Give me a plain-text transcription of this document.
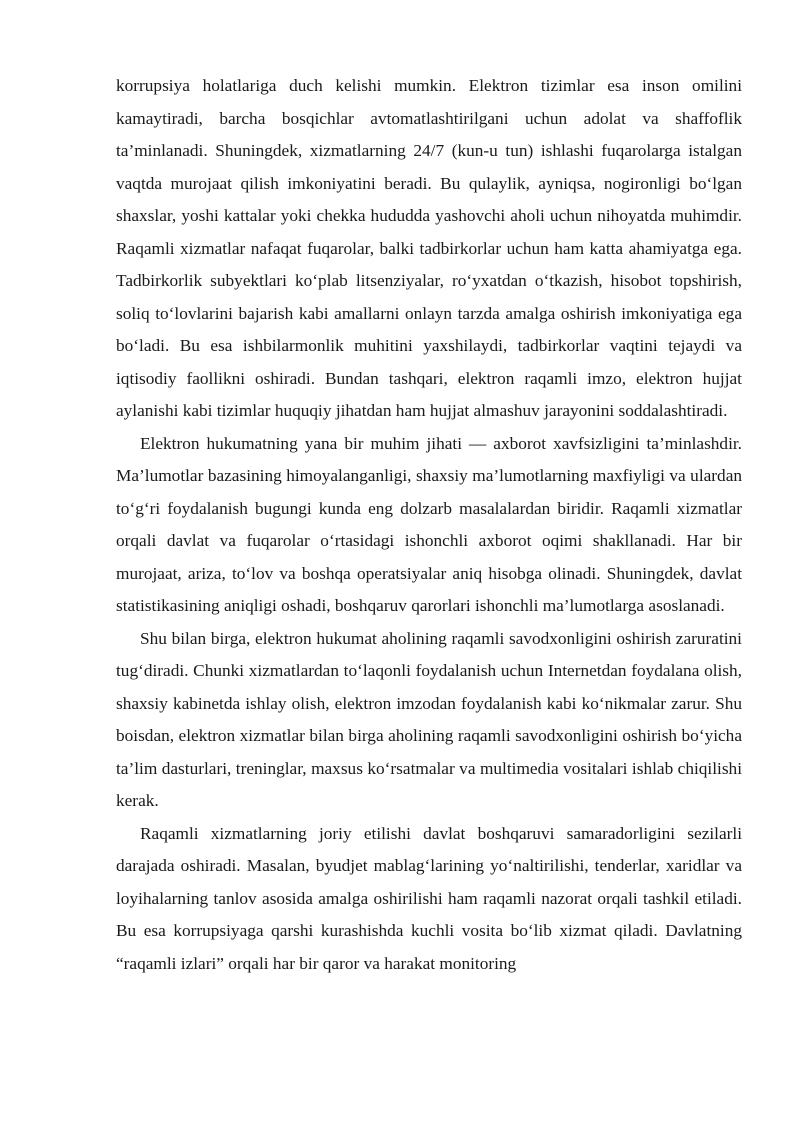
korrupsiya holatlariga duch kelishi mumkin. Elektron tizimlar esa inson omilini kamaytiradi, barcha bosqichlar avtomatlashtirilgani uchun adolat va shaffoflik ta’minlanadi. Shuningdek, xizmatlarning 24/7 (kun-u tun) ishlashi fuqarolarga istalgan vaqtda murojaat qilish imkoniyatini beradi. Bu qulaylik, ayniqsa, nogironligi bo‘lgan shaxslar, yoshi kattalar yoki chekka hududda yashovchi aholi uchun nihoyatda muhimdir. Raqamli xizmatlar nafaqat fuqarolar, balki tadbirkorlar uchun ham katta ahamiyatga ega. Tadbirkorlik subyektlari ko‘plab litsenziyalar, ro‘yxatdan o‘tkazish, hisobot topshirish, soliq to‘lovlarini bajarish kabi amallarni onlayn tarzda amalga oshirish imkoniyatiga ega bo‘ladi. Bu esa ishbilarmonlik muhitini yaxshilaydi, tadbirkorlar vaqtini tejaydi va iqtisodiy faollikni oshiradi. Bundan tashqari, elektron raqamli imzo, elektron hujjat aylanishi kabi tizimlar huquqiy jihatdan ham hujjat almashuv jarayonini soddalashtiradi.

Elektron hukumatning yana bir muhim jihati — axborot xavfsizligini ta’minlashdir. Ma’lumotlar bazasining himoyalanganligi, shaxsiy ma’lumotlarning maxfiyligi va ulardan to‘g‘ri foydalanish bugungi kunda eng dolzarb masalalardan biridir. Raqamli xizmatlar orqali davlat va fuqarolar o‘rtasidagi ishonchli axborot oqimi shakllanadi. Har bir murojaat, ariza, to‘lov va boshqa operatsiyalar aniq hisobga olinadi. Shuningdek, davlat statistikasining aniqligi oshadi, boshqaruv qarorlari ishonchli ma’lumotlarga asoslanadi.

Shu bilan birga, elektron hukumat aholining raqamli savodxonligini oshirish zaruratini tug‘diradi. Chunki xizmatlardan to‘laqonli foydalanish uchun Internetdan foydalana olish, shaxsiy kabinetda ishlay olish, elektron imzodan foydalanish kabi ko‘nikmalar zarur. Shu boisdan, elektron xizmatlar bilan birga aholining raqamli savodxonligini oshirish bo‘yicha ta’lim dasturlari, treninglar, maxsus ko‘rsatmalar va multimedia vositalari ishlab chiqilishi kerak.

Raqamli xizmatlarning joriy etilishi davlat boshqaruvi samaradorligini sezilarli darajada oshiradi. Masalan, byudjet mablag‘larining yo‘naltirilishi, tenderlar, xaridlar va loyihalarning tanlov asosida amalga oshirilishi ham raqamli nazorat orqali tashkil etiladi. Bu esa korrupsiyaga qarshi kurashishda kuchli vosita bo‘lib xizmat qiladi. Davlatning “raqamli izlari” orqali har bir qaror va harakat monitoring
